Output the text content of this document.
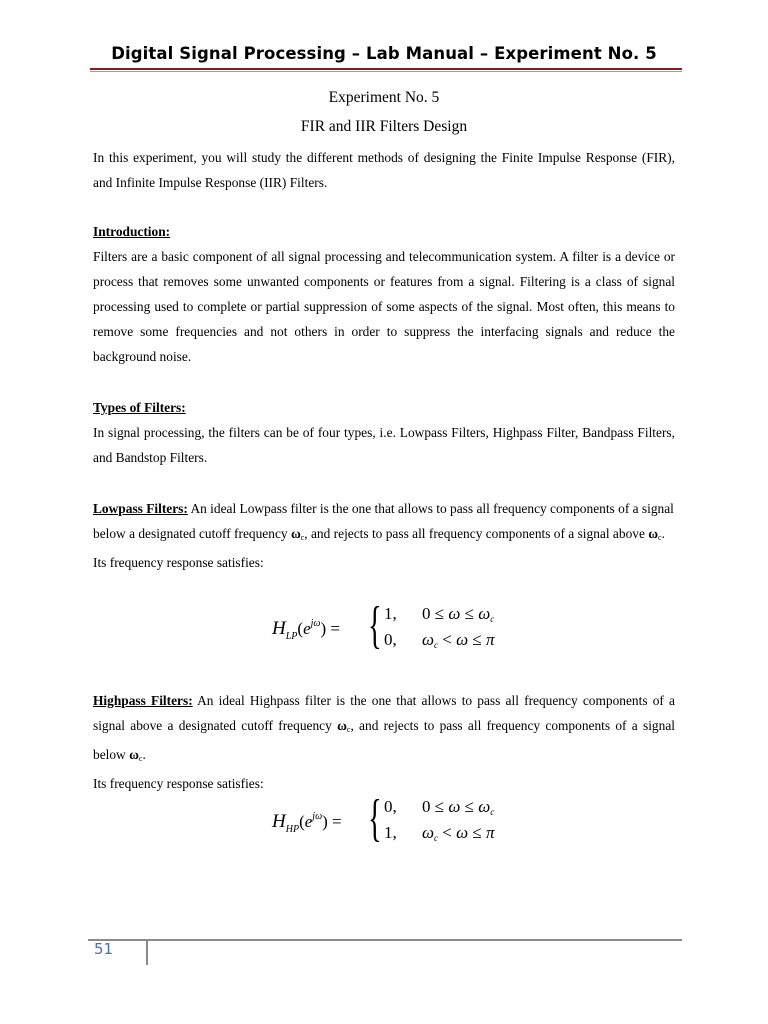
Digital Signal Processing – Lab Manual – Experiment No. 5
Experiment No. 5
FIR and IIR Filters Design
In this experiment, you will study the different methods of designing the Finite Impulse Response (FIR), and Infinite Impulse Response (IIR) Filters.
Introduction:
Filters are a basic component of all signal processing and telecommunication system. A filter is a device or process that removes some unwanted components or features from a signal. Filtering is a class of signal processing used to complete or partial suppression of some aspects of the signal. Most often, this means to remove some frequencies and not others in order to suppress the interfacing signals and reduce the background noise.
Types of Filters:
In signal processing, the filters can be of four types, i.e. Lowpass Filters, Highpass Filter, Bandpass Filters, and Bandstop Filters.
Lowpass Filters: An ideal Lowpass filter is the one that allows to pass all frequency components of a signal below a designated cutoff frequency $\omega_c$, and rejects to pass all frequency components of a signal above $\omega_c$.
Its frequency response satisfies:
$H_{LP}(e^{j\omega})$ = { 1, 0 ≤ ω ≤ ωc
0, ωc < ω ≤ π
Highpass Filters: An ideal Highpass filter is the one that allows to pass all frequency components of a signal above a designated cutoff frequency $\omega_c$, and rejects to pass all frequency components of a signal below $\omega_c$.
Its frequency response satisfies:
$H_{HP}(e^{j\omega})$ = { 0, 0 ≤ ω ≤ ωc
1, ωc < ω ≤ π
51
